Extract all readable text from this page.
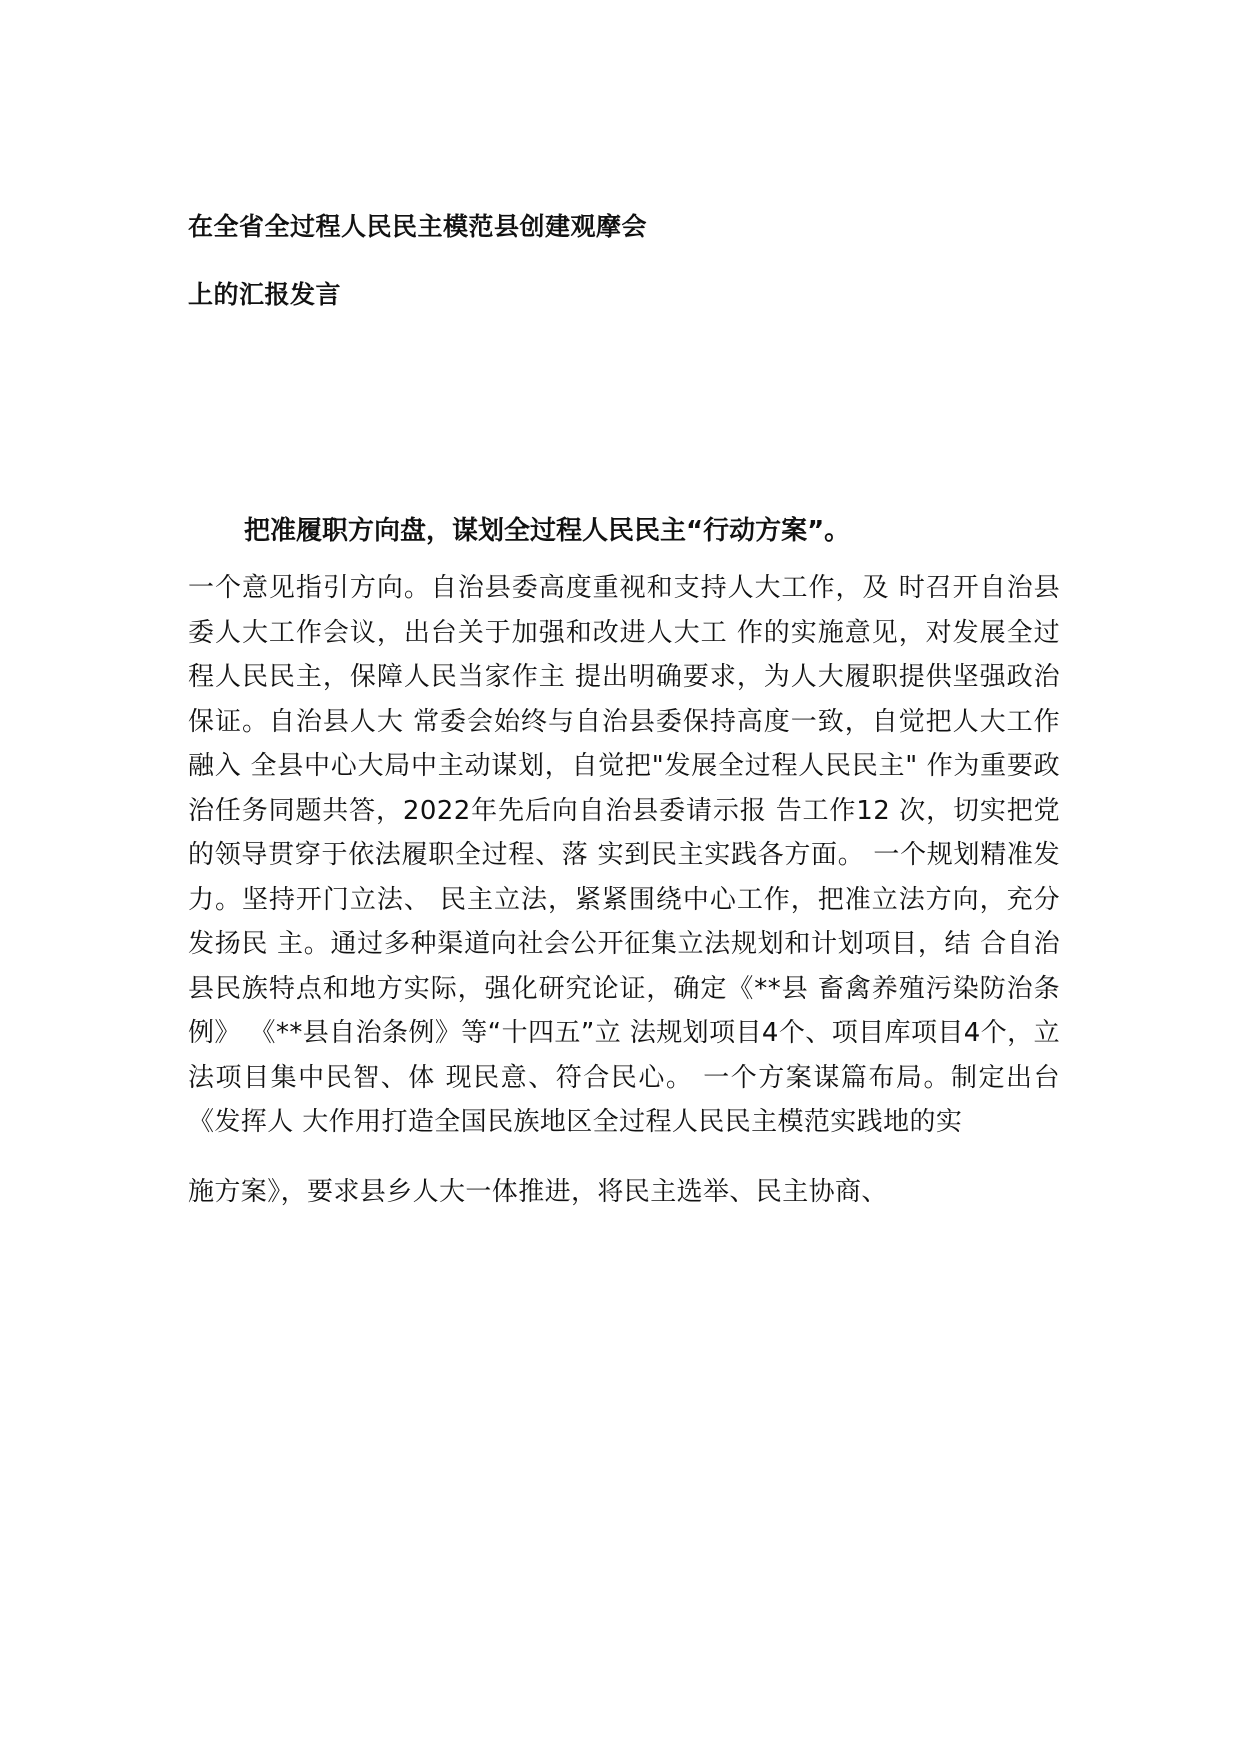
在全省全过程人民民主模范县创建观摩会
上的汇报发言
把准履职方向盘，谋划全过程人民民主“行动方案”。
一个意见指引方向。自治县委高度重视和支持人大工作，及 时召开自治县委人大工作会议，出台关于加强和改进人大工 作的实施意见，对发展全过程人民民主，保障人民当家作主 提出明确要求，为人大履职提供坚强政治保证。自治县人大 常委会始终与自治县委保持高度一致，自觉把人大工作融入 全县中心大局中主动谋划，自觉把"发展全过程人民民主" 作为重要政治任务同题共答，2022年先后向自治县委请示报 告工作12 次，切实把党的领导贯穿于依法履职全过程、落 实到民主实践各方面。 一个规划精准发力。坚持开门立法、 民主立法，紧紧围绕中心工作，把准立法方向，充分发扬民 主。通过多种渠道向社会公开征集立法规划和计划项目，结 合自治县民族特点和地方实际，强化研究论证，确定《**县 畜禽养殖污染防治条例》 《**县自治条例》等“十四五”立 法规划项目4个、项目库项目4个，立法项目集中民智、体 现民意、符合民心。 一个方案谋篇布局。制定出台《发挥人 大作用打造全国民族地区全过程人民民主模范实践地的实
施方案》，要求县乡人大一体推进，将民主选举、民主协商、
